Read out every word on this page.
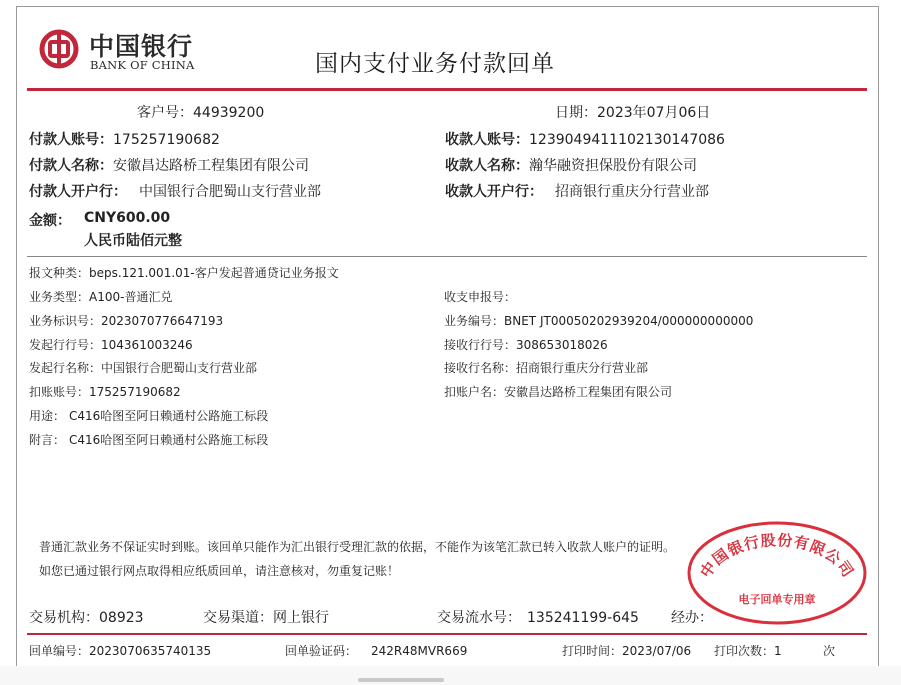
中国银行
BANK OF CHINA	国内支付业务付款回单
客户号：44939200	日期：2023年07月06日
付款人账号：175257190682
付款人名称：安徽昌达路桥工程集团有限公司
付款人开户行： 中国银行合肥蜀山支行营业部
收款人账号：1239049411102130147086
收款人名称：瀚华融资担保股份有限公司
收款人开户行： 招商银行重庆分行营业部
金额： CNY600.00
人民币陆佰元整
报文种类：beps.121.001.01-客户发起普通贷记业务报文
业务类型：A100-普通汇兑	收支申报号：
业务标识号：2023070776647193	业务编号：BNET JT00050202939204/000000000000
发起行行号：104361003246	接收行行号：308653018026
发起行名称：中国银行合肥蜀山支行营业部	接收行名称：招商银行重庆分行营业部
扣账账号：175257190682	扣账户名：安徽昌达路桥工程集团有限公司
用途： C416哈图至阿日赖通村公路施工标段
附言： C416哈图至阿日赖通村公路施工标段
普通汇款业务不保证实时到账。该回单只能作为汇出银行受理汇款的依据，不能作为该笔汇款已转入收款人账户的证明。
如您已通过银行网点取得相应纸质回单，请注意核对，勿重复记账！
交易机构：08923	交易渠道：网上银行	交易流水号： 135241199-645 经办：
回单编号：2023070635740135	回单验证码： 242R48MVR669	打印时间：2023/07/06 打印次数：1	次
中国银行股份有限公司
电子回单专用章
